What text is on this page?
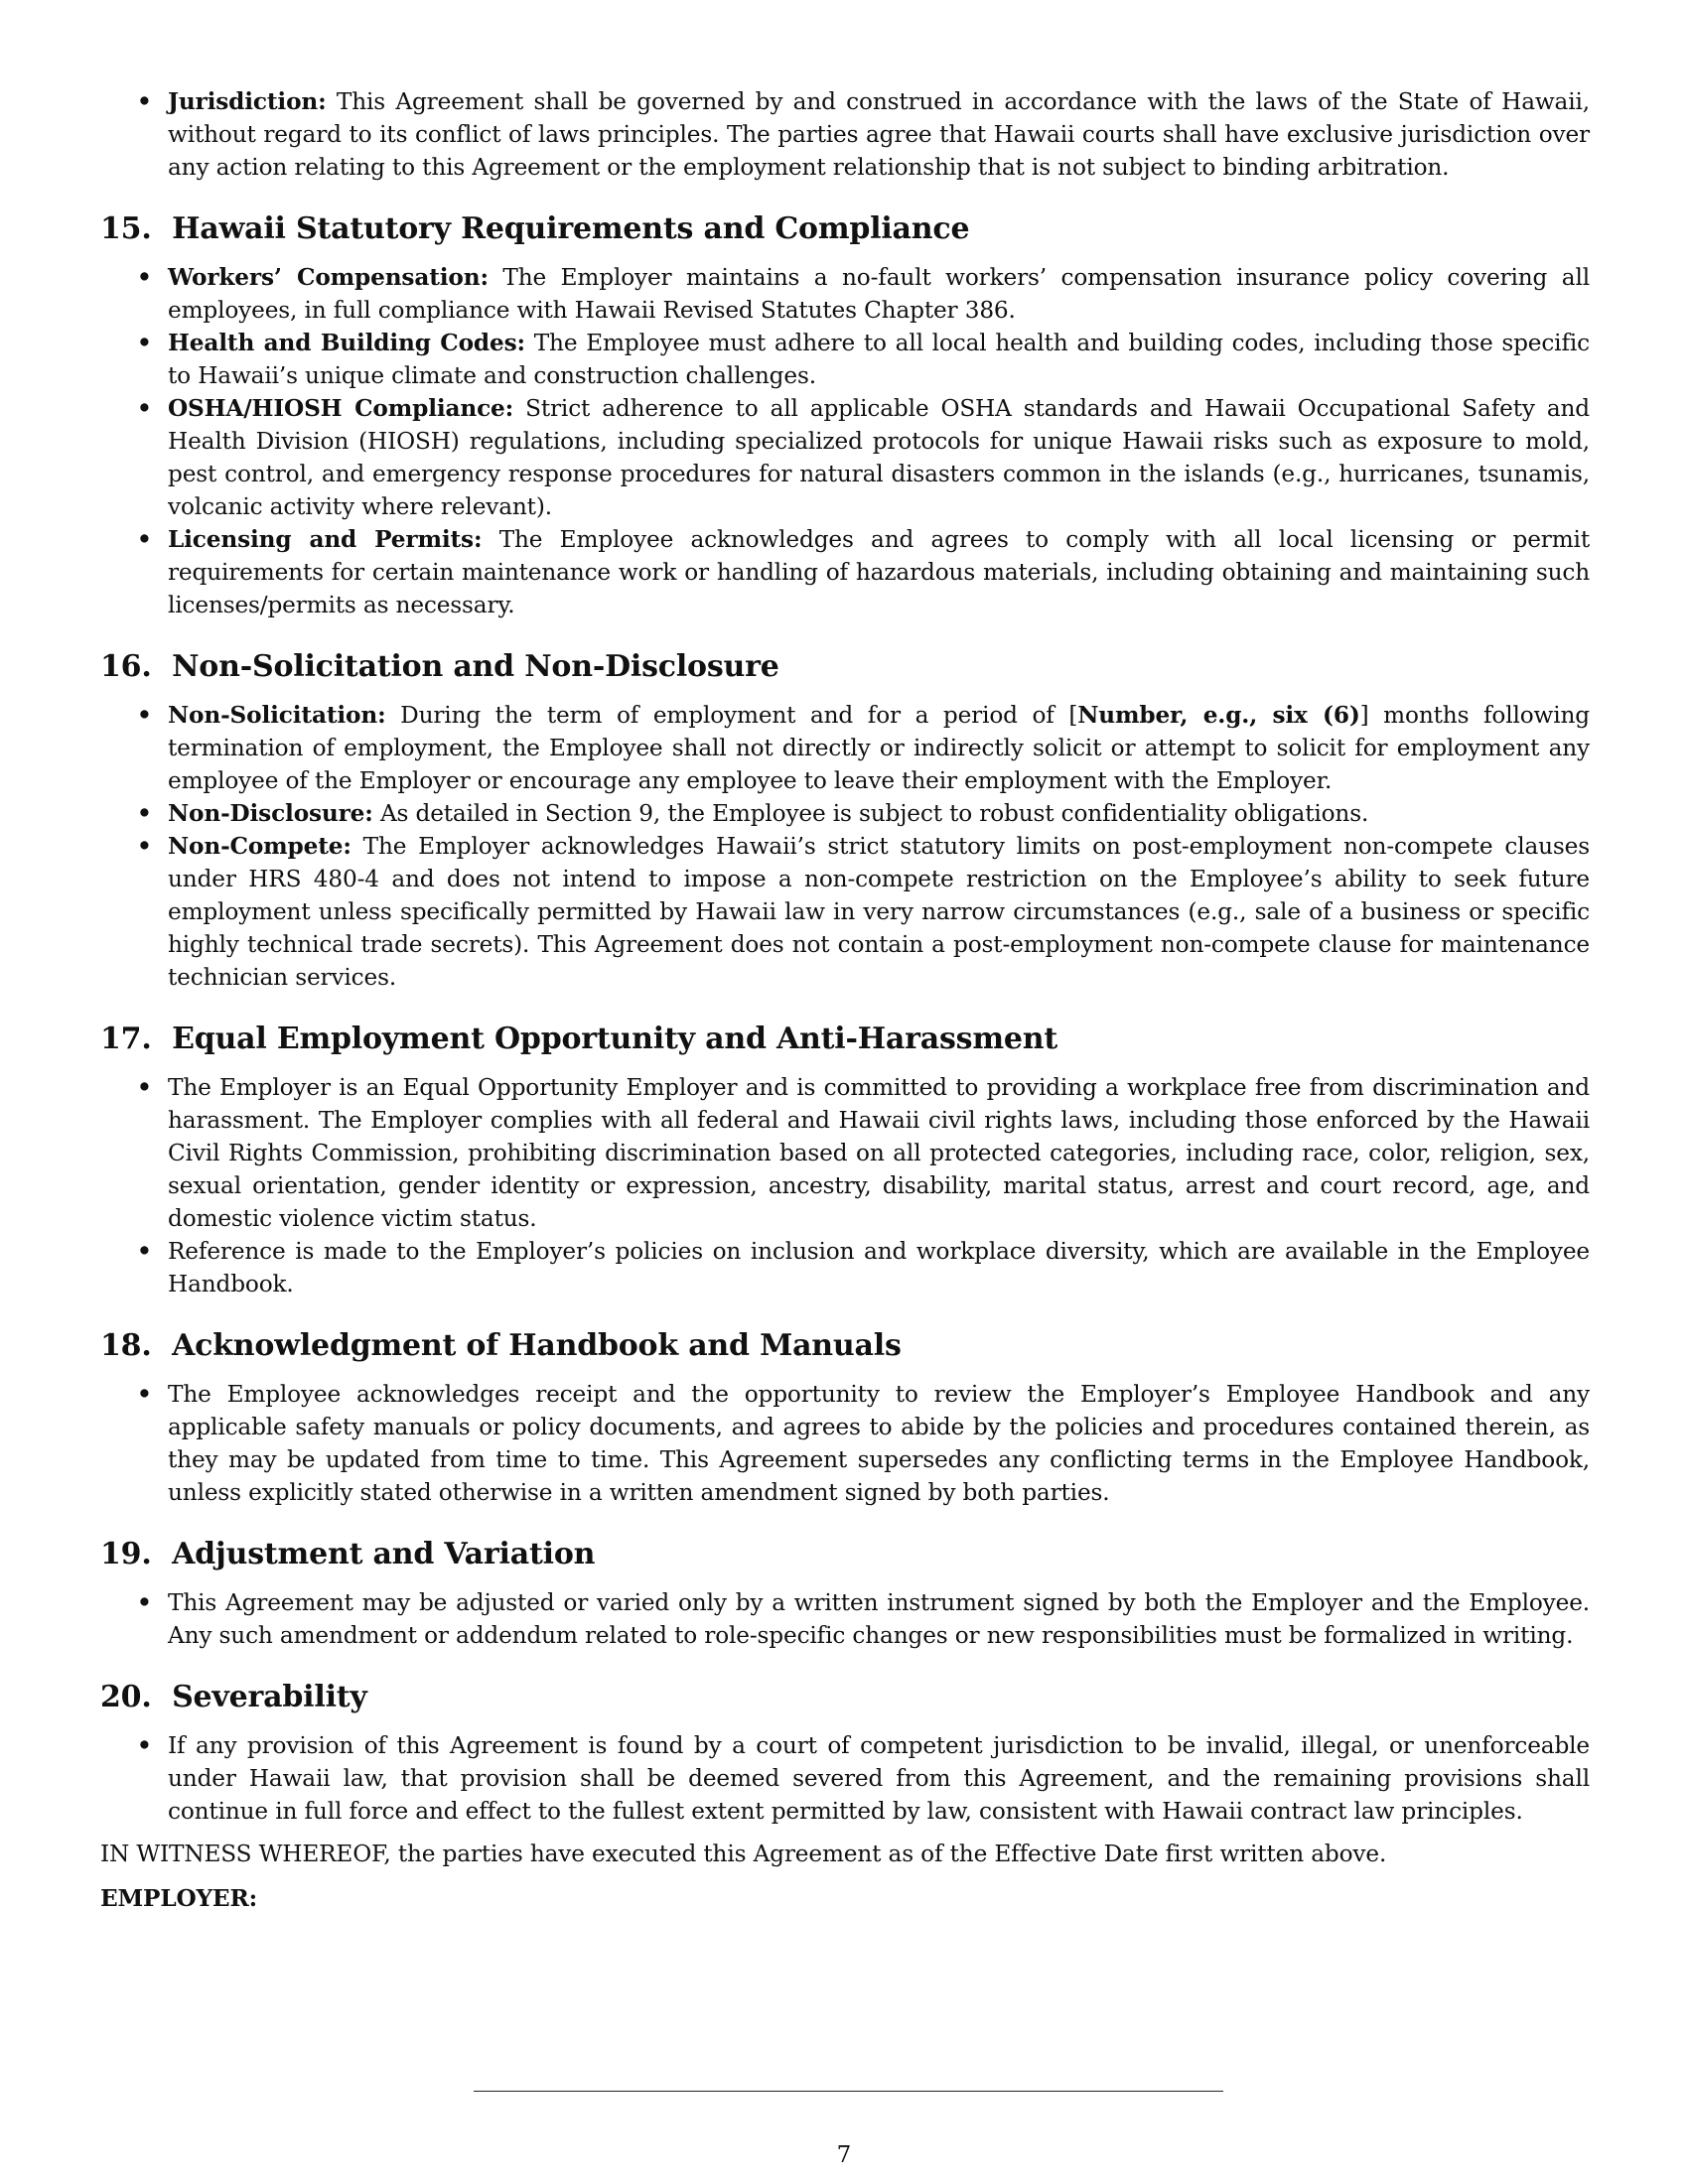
• Jurisdiction: This Agreement shall be governed by and construed in accordance with the laws of the State of Hawaii, without regard to its conflict of laws principles. The parties agree that Hawaii courts shall have exclusive jurisdiction over any action relating to this Agreement or the employment relationship that is not subject to binding arbitration.
15.  Hawaii Statutory Requirements and Compliance
• Workers’ Compensation: The Employer maintains a no-fault workers’ compensation insurance policy covering all employees, in full compliance with Hawaii Revised Statutes Chapter 386.
• Health and Building Codes: The Employee must adhere to all local health and building codes, including those specific to Hawaii’s unique climate and construction challenges.
• OSHA/HIOSH Compliance: Strict adherence to all applicable OSHA standards and Hawaii Occupational Safety and Health Division (HIOSH) regulations, including specialized protocols for unique Hawaii risks such as exposure to mold, pest control, and emergency response procedures for natural disasters common in the islands (e.g., hurricanes, tsunamis, volcanic activity where relevant).
• Licensing and Permits: The Employee acknowledges and agrees to comply with all local licensing or permit requirements for certain maintenance work or handling of hazardous materials, including obtaining and maintaining such licenses/permits as necessary.
16.  Non-Solicitation and Non-Disclosure
• Non-Solicitation: During the term of employment and for a period of [Number, e.g., six (6)] months following termination of employment, the Employee shall not directly or indirectly solicit or attempt to solicit for employment any employee of the Employer or encourage any employee to leave their employment with the Employer.
• Non-Disclosure: As detailed in Section 9, the Employee is subject to robust confidentiality obligations.
• Non-Compete: The Employer acknowledges Hawaii’s strict statutory limits on post-employment non-compete clauses under HRS 480-4 and does not intend to impose a non-compete restriction on the Employee’s ability to seek future employment unless specifically permitted by Hawaii law in very narrow circumstances (e.g., sale of a business or specific highly technical trade secrets). This Agreement does not contain a post-employment non-compete clause for maintenance technician services.
17.  Equal Employment Opportunity and Anti-Harassment
• The Employer is an Equal Opportunity Employer and is committed to providing a workplace free from discrimination and harassment. The Employer complies with all federal and Hawaii civil rights laws, including those enforced by the Hawaii Civil Rights Commission, prohibiting discrimination based on all protected categories, including race, color, religion, sex, sexual orientation, gender identity or expression, ancestry, disability, marital status, arrest and court record, age, and domestic violence victim status.
• Reference is made to the Employer’s policies on inclusion and workplace diversity, which are available in the Employee Handbook.
18.  Acknowledgment of Handbook and Manuals
• The Employee acknowledges receipt and the opportunity to review the Employer’s Employee Handbook and any applicable safety manuals or policy documents, and agrees to abide by the policies and procedures contained therein, as they may be updated from time to time. This Agreement supersedes any conflicting terms in the Employee Handbook, unless explicitly stated otherwise in a written amendment signed by both parties.
19.  Adjustment and Variation
• This Agreement may be adjusted or varied only by a written instrument signed by both the Employer and the Employee. Any such amendment or addendum related to role-specific changes or new responsibilities must be formalized in writing.
20.  Severability
• If any provision of this Agreement is found by a court of competent jurisdiction to be invalid, illegal, or unenforceable under Hawaii law, that provision shall be deemed severed from this Agreement, and the remaining provisions shall continue in full force and effect to the fullest extent permitted by law, consistent with Hawaii contract law principles.
IN WITNESS WHEREOF, the parties have executed this Agreement as of the Effective Date first written above.
EMPLOYER:
7
